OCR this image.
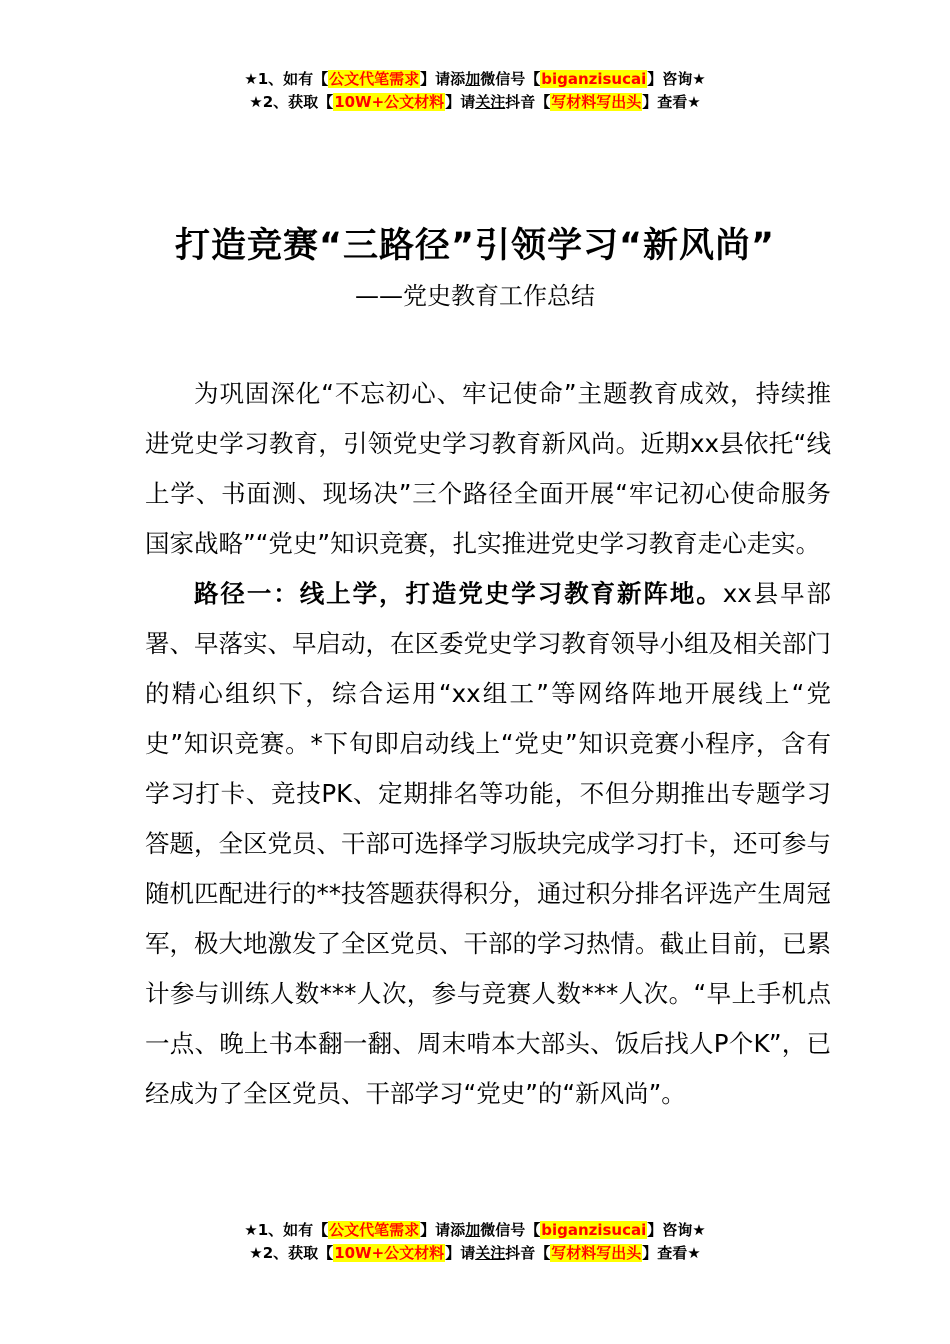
★1、如有【公文代笔需求】请添加微信号【biganzisucai】咨询★
★2、获取【10W+公文材料】请关注抖音【写材料写出头】查看★
打造竞赛“三路径”引领学习“新风尚”
——党史教育工作总结

为巩固深化“不忘初心、牢记使命”主题教育成效，持续推进党史学习教育，引领党史学习教育新风尚。近期xx县依托“线上学、书面测、现场决”三个路径全面开展“牢记初心使命服务国家战略”“党史”知识竞赛，扎实推进党史学习教育走心走实。

路径一：线上学，打造党史学习教育新阵地。xx县早部署、早落实、早启动，在区委党史学习教育领导小组及相关部门的精心组织下，综合运用“xx组工”等网络阵地开展线上“党史”知识竞赛。*下旬即启动线上“党史”知识竞赛小程序，含有学习打卡、竞技PK、定期排名等功能，不但分期推出专题学习答题，全区党员、干部可选择学习版块完成学习打卡，还可参与随机匹配进行的**技答题获得积分，通过积分排名评选产生周冠军，极大地激发了全区党员、干部的学习热情。截止目前，已累计参与训练人数***人次，参与竞赛人数***人次。“早上手机点一点、晚上书本翻一翻、周末啃本大部头、饭后找人P个K”，已经成为了全区党员、干部学习“党史”的“新风尚”。

★1、如有【公文代笔需求】请添加微信号【biganzisucai】咨询★
★2、获取【10W+公文材料】请关注抖音【写材料写出头】查看★
